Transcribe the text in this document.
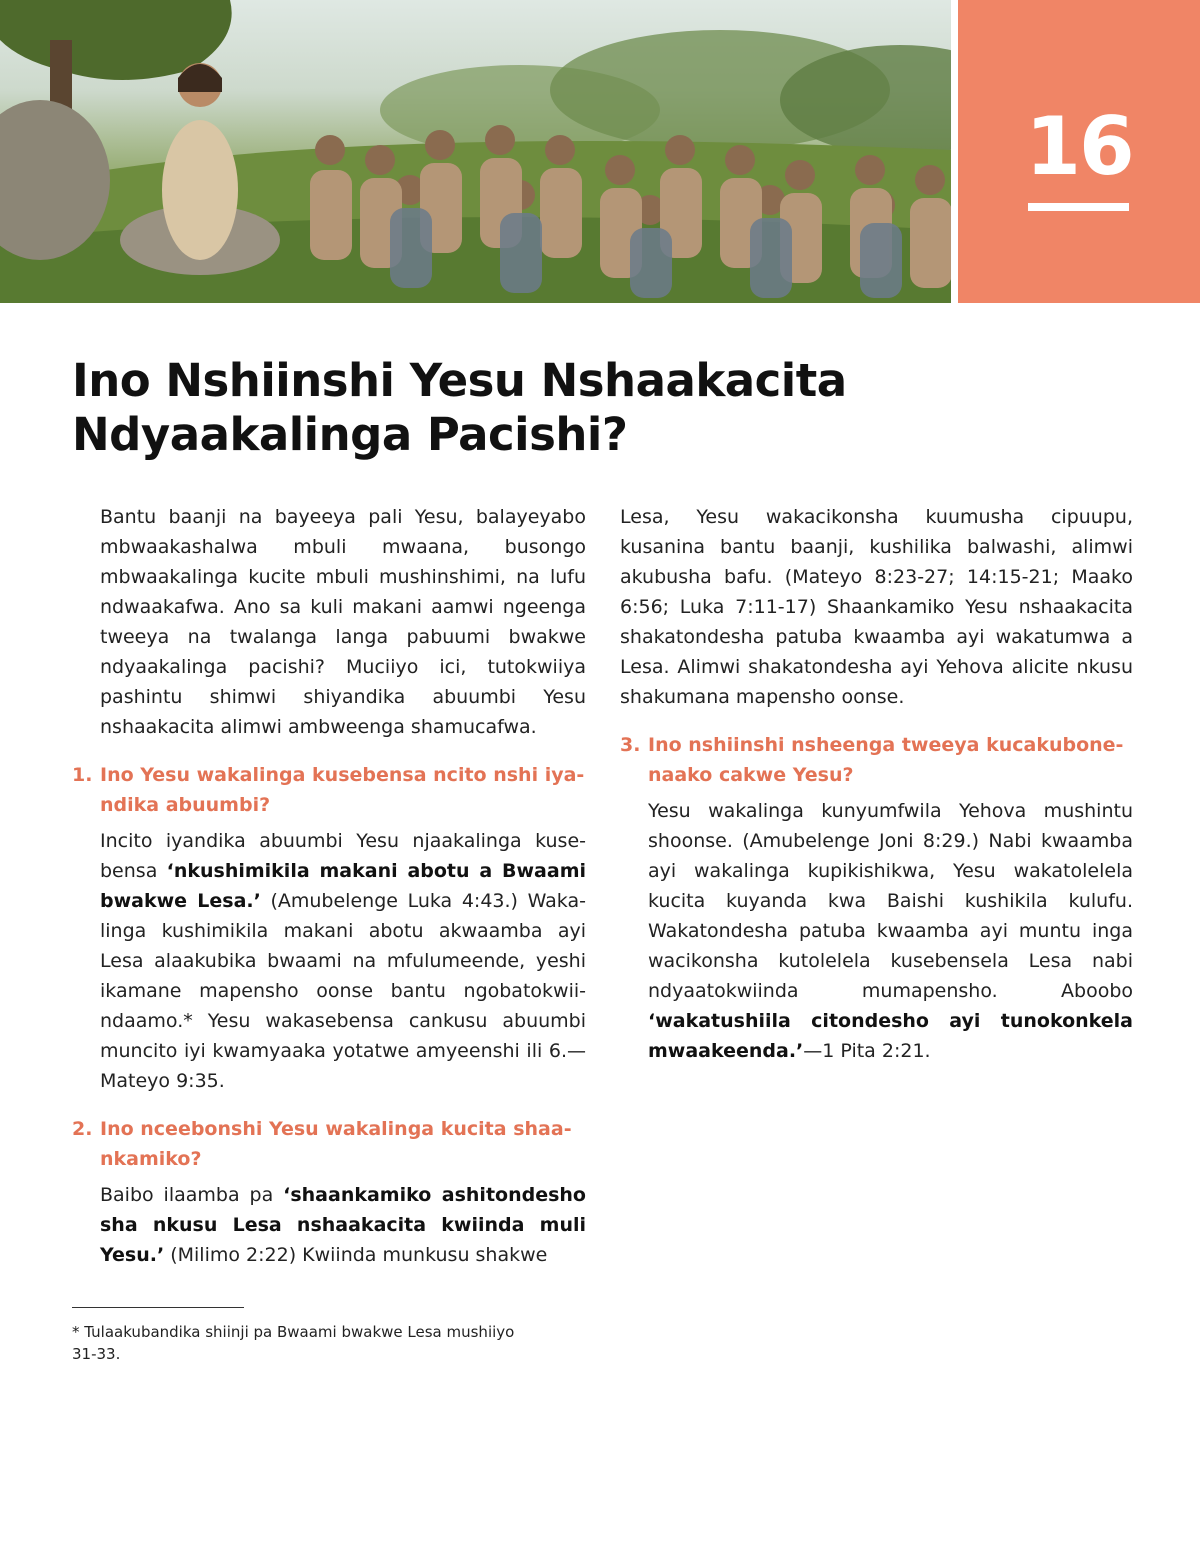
16
Ino Nshiinshi Yesu Nshaakacita Ndyaakalinga Pacishi?

Bantu baanji na bayeeya pali Yesu, balayeyabo mbwaakashalwa mbuli mwaana, busongo mbwaakalinga kucite mbuli mushinshimi, na lufu ndwaakafwa. Ano sa kuli makani aamwi ngeenga tweeya na twalanga langa pabuumi bwakwe ndyaakalinga pacishi? Muciiyo ici, tutokwiiya pashintu shimwi shiyandika abuumbi Yesu nshaakacita alimwi ambweenga shamucafwa.

1. Ino Yesu wakalinga kusebensa ncito nshi iyandika abuumbi?

Incito iyandika abuumbi Yesu njaakalinga kusebensa ‘nkushimikila makani abotu a Bwaami bwakwe Lesa.’ (Amubelenge Luka 4:43.) Wakalinga kushimikila makani abotu akwaamba ayi Lesa alaakubika bwaami na mfulumeende, yeshi ikamane mapensho oonse bantu ngobatokwiindaamo.* Yesu wakasebensa cankusu abuumbi muncito iyi kwamyaaka yotatwe amyeenshi ili 6.—Mateyo 9:35.

2. Ino nceebonshi Yesu wakalinga kucita shaankamiko?

Baibo ilaamba pa ‘shaankamiko ashitondesho sha nkusu Lesa nshaakacita kwiinda muli Yesu.’ (Milimo 2:22) Kwiinda munkusu shakwe

Lesa, Yesu wakacikonsha kuumusha cipuupu, kusanina bantu baanji, kushilika balwashi, alimwi akubusha bafu. (Mateyo 8:23-27; 14:15-21; Maako 6:56; Luka 7:11-17) Shaankamiko Yesu nshaakacita shakatondesha patuba kwaamba ayi wakatumwa a Lesa. Alimwi shakatondesha ayi Yehova alicite nkusu shakumana mapensho oonse.

3. Ino nshiinshi nsheenga tweeya kucakubonenaako cakwe Yesu?

Yesu wakalinga kunyumfwila Yehova mushintu shoonse. (Amubelenge Joni 8:29.) Nabi kwaamba ayi wakalinga kupikishikwa, Yesu wakatolelela kucita kuyanda kwa Baishi kushikila kulufu. Wakatondesha patuba kwaamba ayi muntu inga wacikonsha kutolelela kusebensela Lesa nabi ndyaatokwiinda mumapensho. Aboobo ‘wakatushiila citondesho ayi tunokonkela mwaakeenda.’—1 Pita 2:21.

* Tulaakubandika shiinji pa Bwaami bwakwe Lesa mushiiyo 31-33.
